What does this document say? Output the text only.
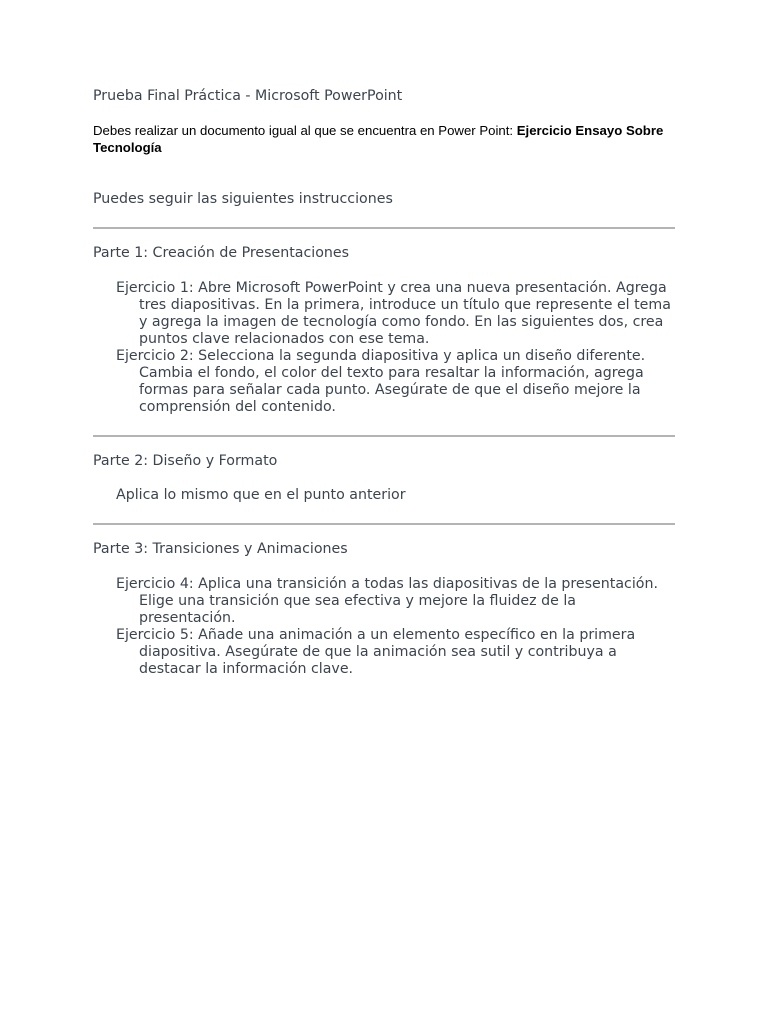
Prueba Final Práctica - Microsoft PowerPoint
Debes realizar un documento igual al que se encuentra en Power Point: Ejercicio Ensayo Sobre Tecnología
Puedes seguir las siguientes instrucciones
Parte 1: Creación de Presentaciones
Ejercicio 1: Abre Microsoft PowerPoint y crea una nueva presentación. Agrega tres diapositivas. En la primera, introduce un título que represente el tema y agrega la imagen de tecnología como fondo. En las siguientes dos, crea puntos clave relacionados con ese tema.
Ejercicio 2: Selecciona la segunda diapositiva y aplica un diseño diferente. Cambia el fondo, el color del texto para resaltar la información, agrega formas para señalar cada punto. Asegúrate de que el diseño mejore la comprensión del contenido.
Parte 2: Diseño y Formato
Aplica lo mismo que en el punto anterior
Parte 3: Transiciones y Animaciones
Ejercicio 4: Aplica una transición a todas las diapositivas de la presentación. Elige una transición que sea efectiva y mejore la fluidez de la presentación.
Ejercicio 5: Añade una animación a un elemento específico en la primera diapositiva. Asegúrate de que la animación sea sutil y contribuya a destacar la información clave.
